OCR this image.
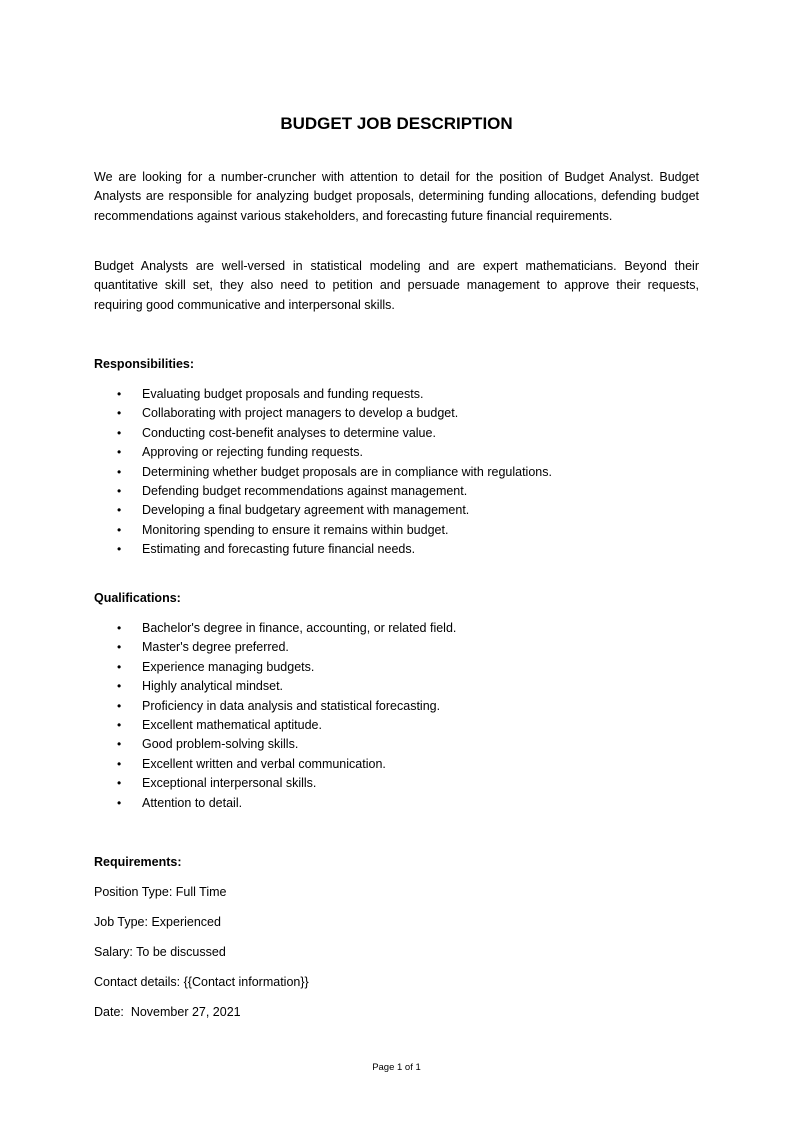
BUDGET JOB DESCRIPTION

We are looking for a number-cruncher with attention to detail for the position of Budget Analyst. Budget Analysts are responsible for analyzing budget proposals, determining funding allocations, defending budget recommendations against various stakeholders, and forecasting future financial requirements.

Budget Analysts are well-versed in statistical modeling and are expert mathematicians. Beyond their quantitative skill set, they also need to petition and persuade management to approve their requests, requiring good communicative and interpersonal skills.

Responsibilities:
• Evaluating budget proposals and funding requests.
• Collaborating with project managers to develop a budget.
• Conducting cost-benefit analyses to determine value.
• Approving or rejecting funding requests.
• Determining whether budget proposals are in compliance with regulations.
• Defending budget recommendations against management.
• Developing a final budgetary agreement with management.
• Monitoring spending to ensure it remains within budget.
• Estimating and forecasting future financial needs.
Qualifications:
• Bachelor's degree in finance, accounting, or related field.
• Master's degree preferred.
• Experience managing budgets.
• Highly analytical mindset.
• Proficiency in data analysis and statistical forecasting.
• Excellent mathematical aptitude.
• Good problem-solving skills.
• Excellent written and verbal communication.
• Exceptional interpersonal skills.
• Attention to detail.
Requirements:
Position Type: Full Time
Job Type: Experienced
Salary: To be discussed
Contact details: {{Contact information}}
Date:  November 27, 2021
Page 1 of 1
